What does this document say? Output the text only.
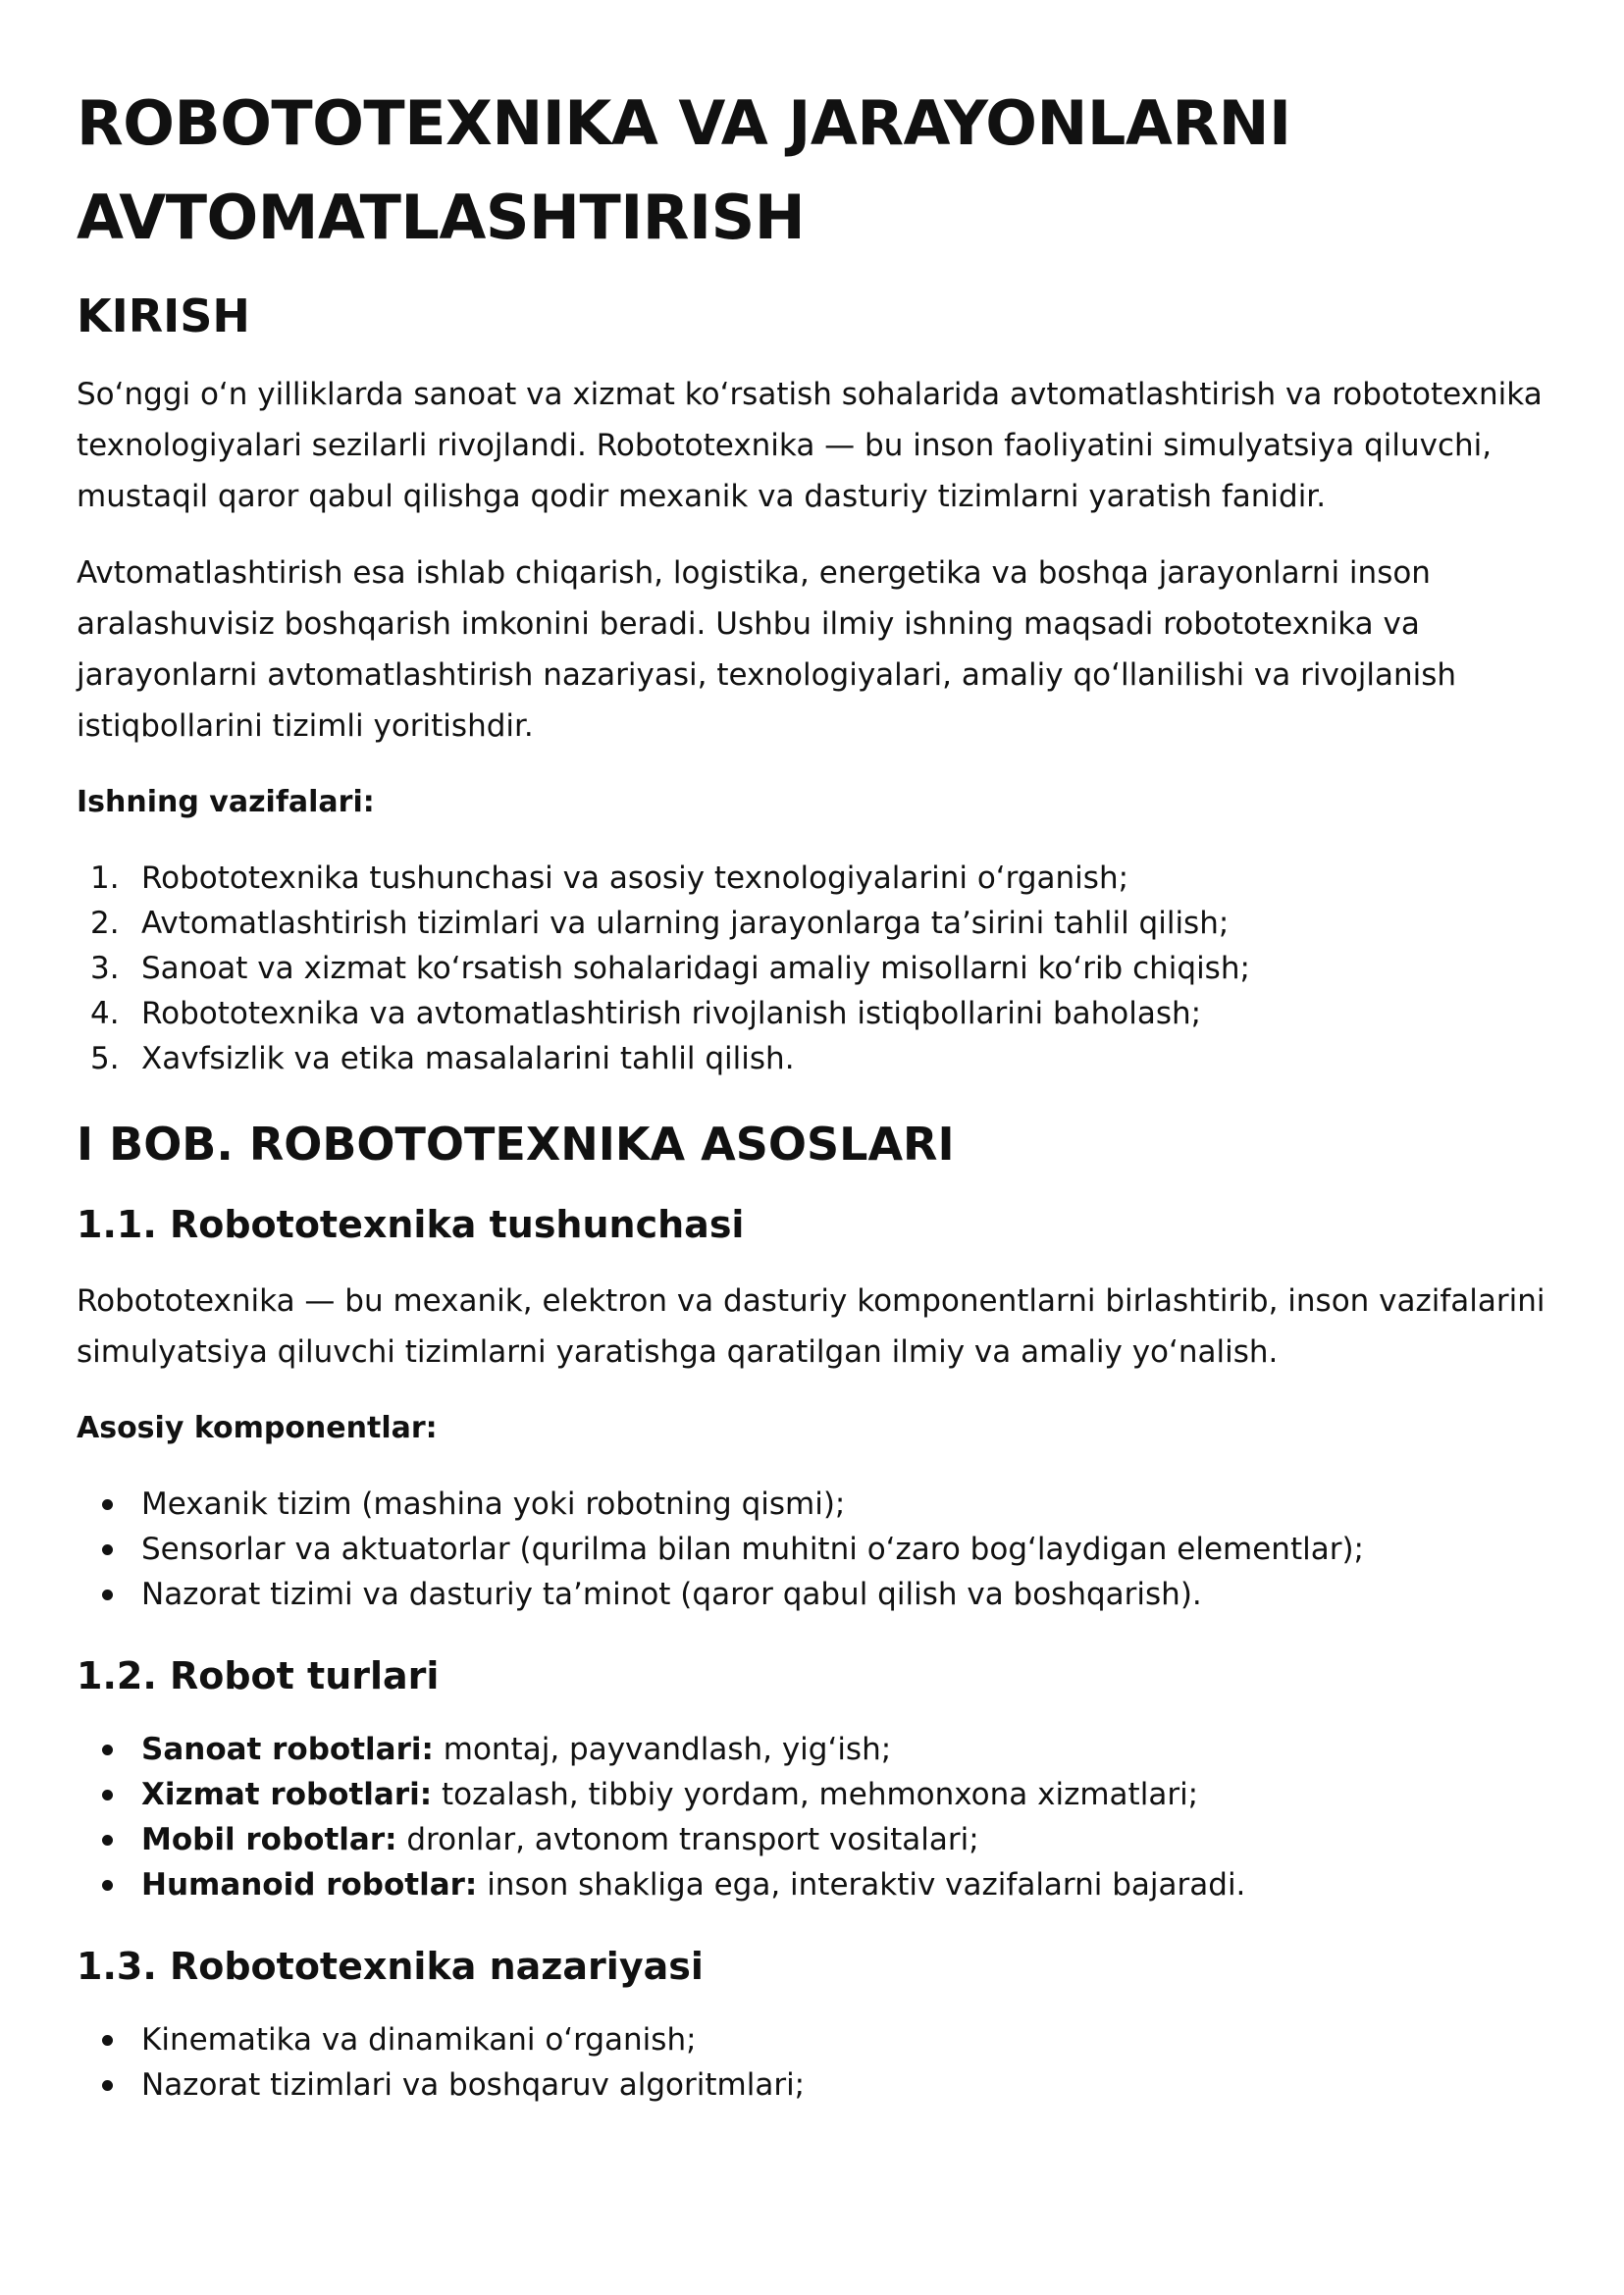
ROBOTOTEXNIKA VA JARAYONLARNI
AVTOMATLASHTIRISH
KIRISH

Soʻnggi oʻn yilliklarda sanoat va xizmat koʻrsatish sohalarida avtomatlashtirish va robototexnika
texnologiyalari sezilarli rivojlandi. Robototexnika — bu inson faoliyatini simulyatsiya qiluvchi,
mustaqil qaror qabul qilishga qodir mexanik va dasturiy tizimlarni yaratish fanidir.

Avtomatlashtirish esa ishlab chiqarish, logistika, energetika va boshqa jarayonlarni inson
aralashuvisiz boshqarish imkonini beradi. Ushbu ilmiy ishning maqsadi robototexnika va
jarayonlarni avtomatlashtirish nazariyasi, texnologiyalari, amaliy qoʻllanilishi va rivojlanish
istiqbollarini tizimli yoritishdir.

Ishning vazifalari:

1. Robototexnika tushunchasi va asosiy texnologiyalarini oʻrganish;
2. Avtomatlashtirish tizimlari va ularning jarayonlarga taʼsirini tahlil qilish;
3. Sanoat va xizmat koʻrsatish sohalaridagi amaliy misollarni koʻrib chiqish;
4. Robototexnika va avtomatlashtirish rivojlanish istiqbollarini baholash;
5. Xavfsizlik va etika masalalarini tahlil qilish.
I BOB. ROBOTOTEXNIKA ASOSLARI
1.1. Robototexnika tushunchasi

Robototexnika — bu mexanik, elektron va dasturiy komponentlarni birlashtirib, inson vazifalarini
simulyatsiya qiluvchi tizimlarni yaratishga qaratilgan ilmiy va amaliy yoʻnalish.

Asosiy komponentlar:

Mexanik tizim (mashina yoki robotning qismi);
Sensorlar va aktuatorlar (qurilma bilan muhitni oʻzaro bogʻlaydigan elementlar);
Nazorat tizimi va dasturiy taʼminot (qaror qabul qilish va boshqarish).
1.2. Robot turlari
Sanoat robotlari: montaj, payvandlash, yigʻish;
Xizmat robotlari: tozalash, tibbiy yordam, mehmonxona xizmatlari;
Mobil robotlar: dronlar, avtonom transport vositalari;
Humanoid robotlar: inson shakliga ega, interaktiv vazifalarni bajaradi.
1.3. Robototexnika nazariyasi
Kinematika va dinamikani oʻrganish;
Nazorat tizimlari va boshqaruv algoritmlari;
